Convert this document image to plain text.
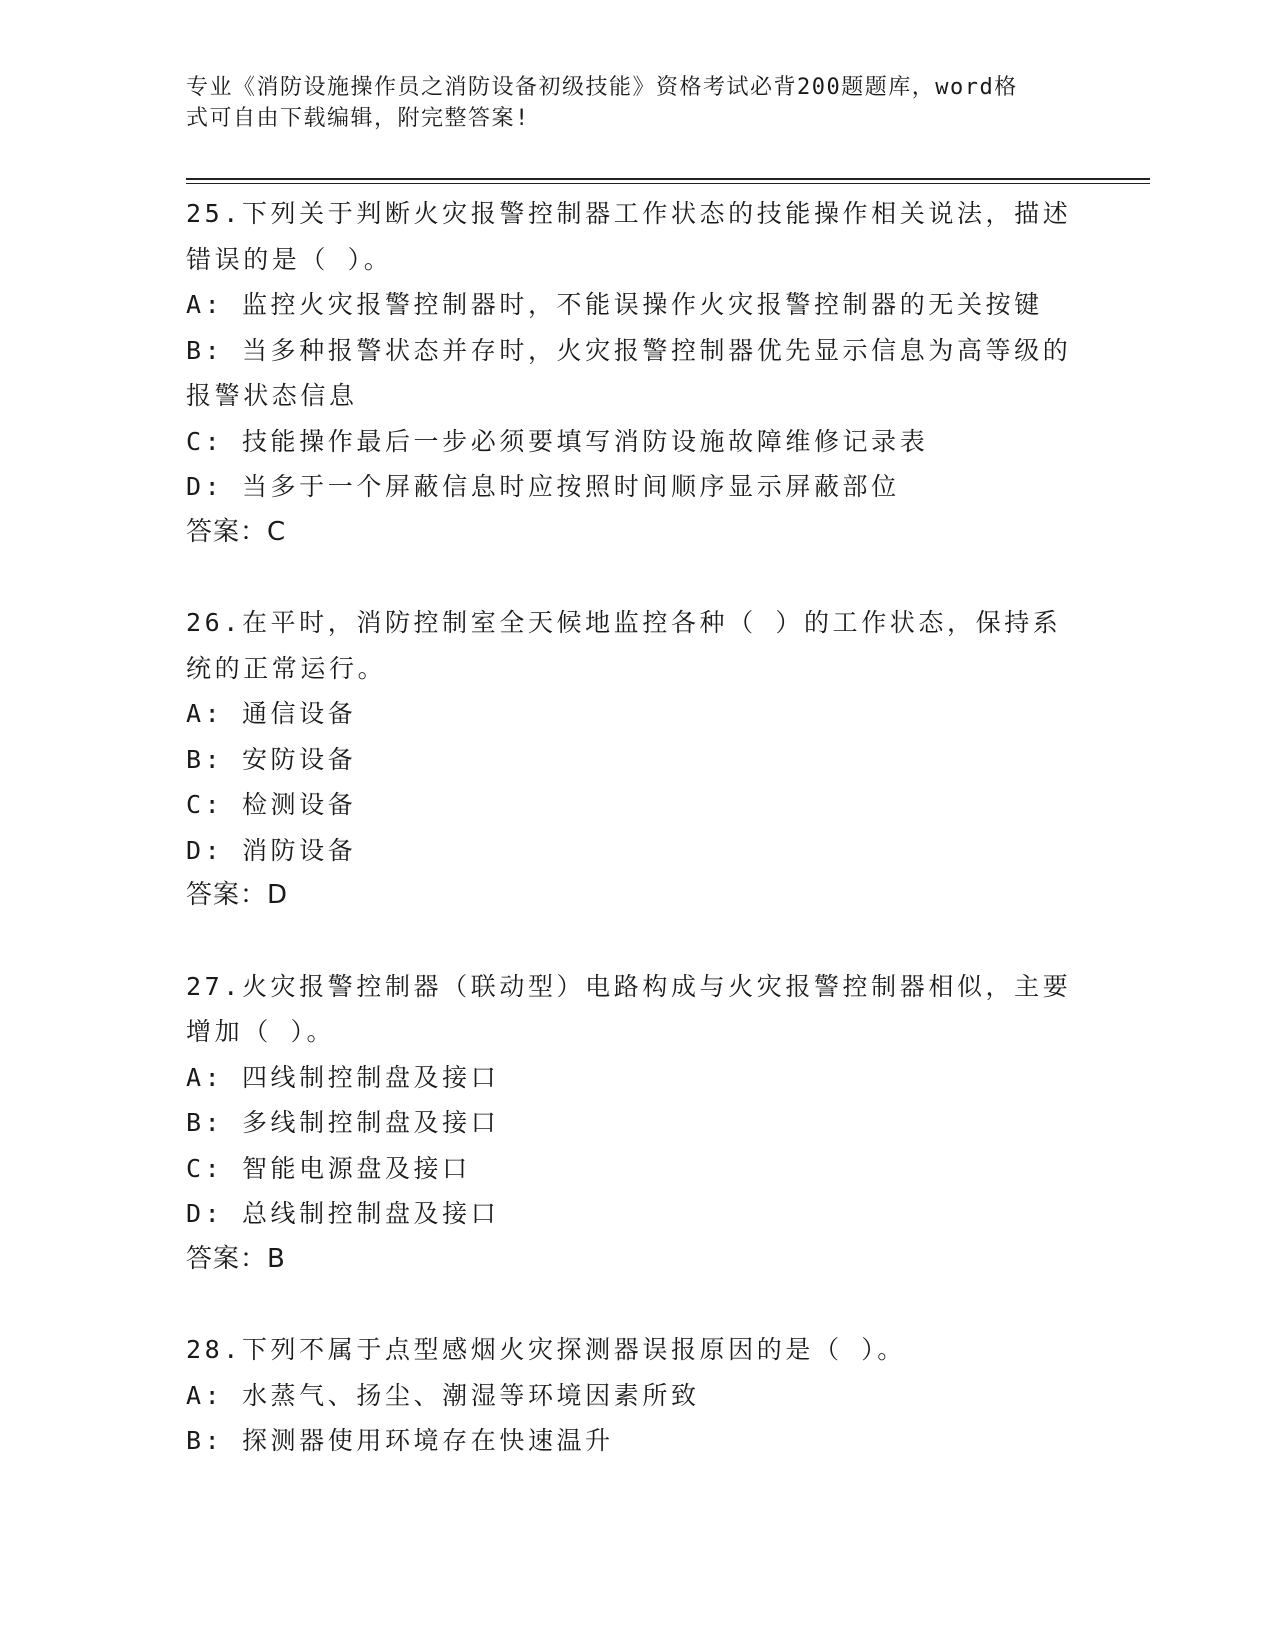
专业《消防设施操作员之消防设备初级技能》资格考试必背200题题库，word格
式可自由下载编辑，附完整答案!
25.下列关于判断火灾报警控制器工作状态的技能操作相关说法，描述
错误的是（ ）。
A: 监控火灾报警控制器时，不能误操作火灾报警控制器的无关按键
B: 当多种报警状态并存时，火灾报警控制器优先显示信息为高等级的
报警状态信息
C: 技能操作最后一步必须要填写消防设施故障维修记录表
D: 当多于一个屏蔽信息时应按照时间顺序显示屏蔽部位
答案：C
26.在平时，消防控制室全天候地监控各种（ ）的工作状态，保持系
统的正常运行。
A: 通信设备
B: 安防设备
C: 检测设备
D: 消防设备
答案：D
27.火灾报警控制器（联动型）电路构成与火灾报警控制器相似，主要
增加（ ）。
A: 四线制控制盘及接口
B: 多线制控制盘及接口
C: 智能电源盘及接口
D: 总线制控制盘及接口
答案：B
28.下列不属于点型感烟火灾探测器误报原因的是（ ）。
A: 水蒸气、扬尘、潮湿等环境因素所致
B: 探测器使用环境存在快速温升
